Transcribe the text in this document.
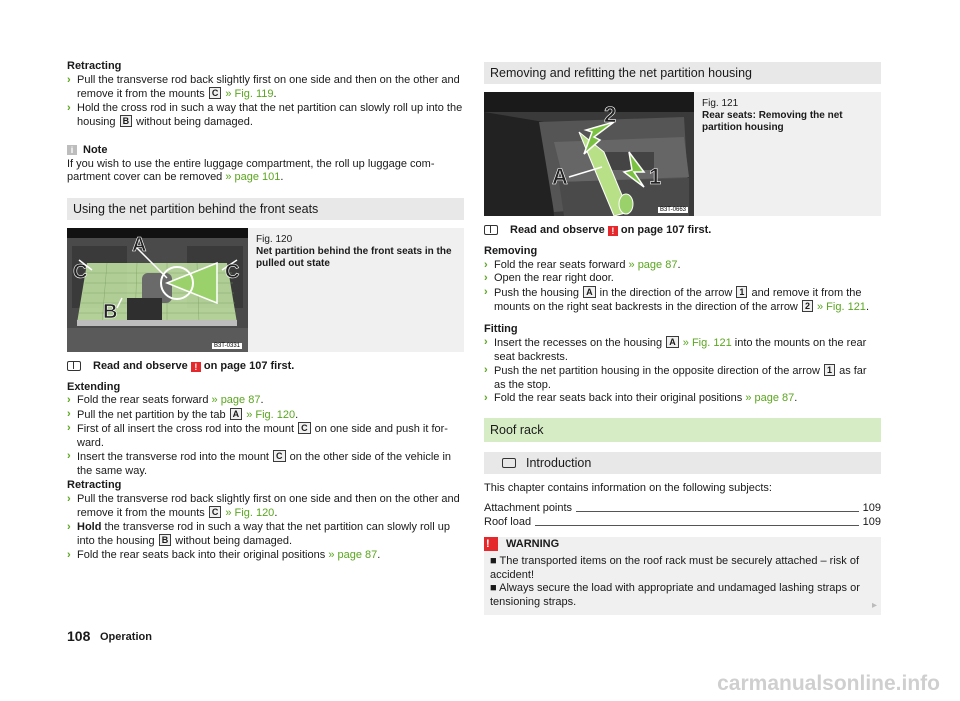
Retracting

› Pull the transverse rod back slightly first on one side and then on the other and remove it from the mounts C » Fig. 119.

› Hold the cross rod in such a way that the net partition can slowly roll up into the housing B without being damaged.

i Note

If you wish to use the entire luggage compartment, the roll up luggage com-partment cover can be removed » page 101.

Using the net partition behind the front seats
A
C	C
B
B3T-0331
Fig. 120
Net partition behind the front seats in the pulled out state
Read and observe ! on page 107 first.

Extending

› Fold the rear seats forward » page 87.

› Pull the net partition by the tab A » Fig. 120.

› First of all insert the cross rod into the mount C on one side and push it for-ward.

› Insert the transverse rod into the mount C on the other side of the vehicle in the same way.

Retracting

› Pull the transverse rod back slightly first on one side and then on the other and remove it from the mounts C » Fig. 120.

› Hold the transverse rod in such a way that the net partition can slowly roll up into the housing B without being damaged.

› Fold the rear seats back into their original positions » page 87.

Removing and refitting the net partition housing
2
A	1
B3T-0663
Fig. 121
Rear seats: Removing the net partition housing
Read and observe ! on page 107 first.

Removing

› Fold the rear seats forward » page 87.

› Open the rear right door.

› Push the housing A in the direction of the arrow 1 and remove it from the mounts on the right seat backrests in the direction of the arrow 2 » Fig. 121.

Fitting

› Insert the recesses on the housing A » Fig. 121 into the mounts on the rear seat backrests.

› Push the net partition housing in the opposite direction of the arrow 1 as far as the stop.

› Fold the rear seats back into their original positions » page 87.

Roof rack
Introduction

This chapter contains information on the following subjects:

Attachment points	109
Roof load	109
!	WARNING

■ The transported items on the roof rack must be securely attached – risk of accident!

■ Always secure the load with appropriate and undamaged lashing straps or tensioning straps.	▸
108 Operation
carmanualsonline.info
